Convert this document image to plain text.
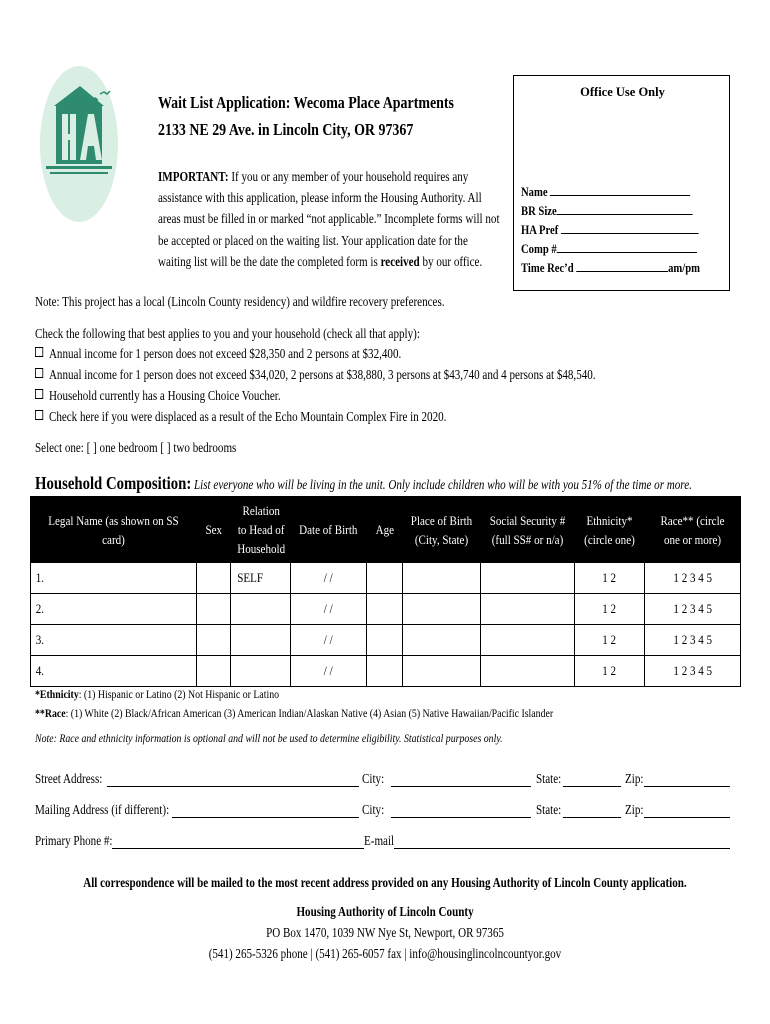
Wait List Application: Wecoma Place Apartments
2133 NE 29 Ave. in Lincoln City, OR 97367
IMPORTANT: If you or any member of your household requires any assistance with this application, please inform the Housing Authority. All areas must be filled in or marked “not applicable.” Incomplete forms will not be accepted or placed on the waiting list. Your application date for the waiting list will be the date the completed form is received by our office.
Office Use Only
Name
BR Size
HA Pref
Comp #
Time Rec’d	am/pm
Note: This project has a local (Lincoln County residency) and wildfire recovery preferences.
Check the following that best applies to you and your household (check all that apply):
Annual income for 1 person does not exceed $28,350 and 2 persons at $32,400.
Annual income for 1 person does not exceed $34,020, 2 persons at $38,880, 3 persons at $43,740 and 4 persons at $48,540.
Household currently has a Housing Choice Voucher.
Check here if you were displaced as a result of the Echo Mountain Complex Fire in 2020.
Select one: [ ] one bedroom [ ] two bedrooms
Household Composition: List everyone who will be living in the unit. Only include children who will be with you 51% of the time or more.
Legal Name (as shown on SS card)	Sex	Relation to Head of Household	Date of Birth	Age	Place of Birth (City, State)	Social Security # (full SS# or n/a)	Ethnicity* (circle one)	Race** (circle one or more)
1.		SELF	/ /				1 2	1 2 3 4 5
2.			/ /				1 2	1 2 3 4 5
3.			/ /				1 2	1 2 3 4 5
4.			/ /				1 2	1 2 3 4 5
*Ethnicity: (1) Hispanic or Latino (2) Not Hispanic or Latino
**Race: (1) White (2) Black/African American (3) American Indian/Alaskan Native (4) Asian (5) Native Hawaiian/Pacific Islander
Note: Race and ethnicity information is optional and will not be used to determine eligibility. Statistical purposes only.
Street Address:	City:	State:	Zip:
Mailing Address (if different):	City:	State:	Zip:
Primary Phone #:	E-mail
All correspondence will be mailed to the most recent address provided on any Housing Authority of Lincoln County application.
Housing Authority of Lincoln County
PO Box 1470, 1039 NW Nye St, Newport, OR 97365
(541) 265-5326 phone | (541) 265-6057 fax | info@housinglincolncountyor.gov
